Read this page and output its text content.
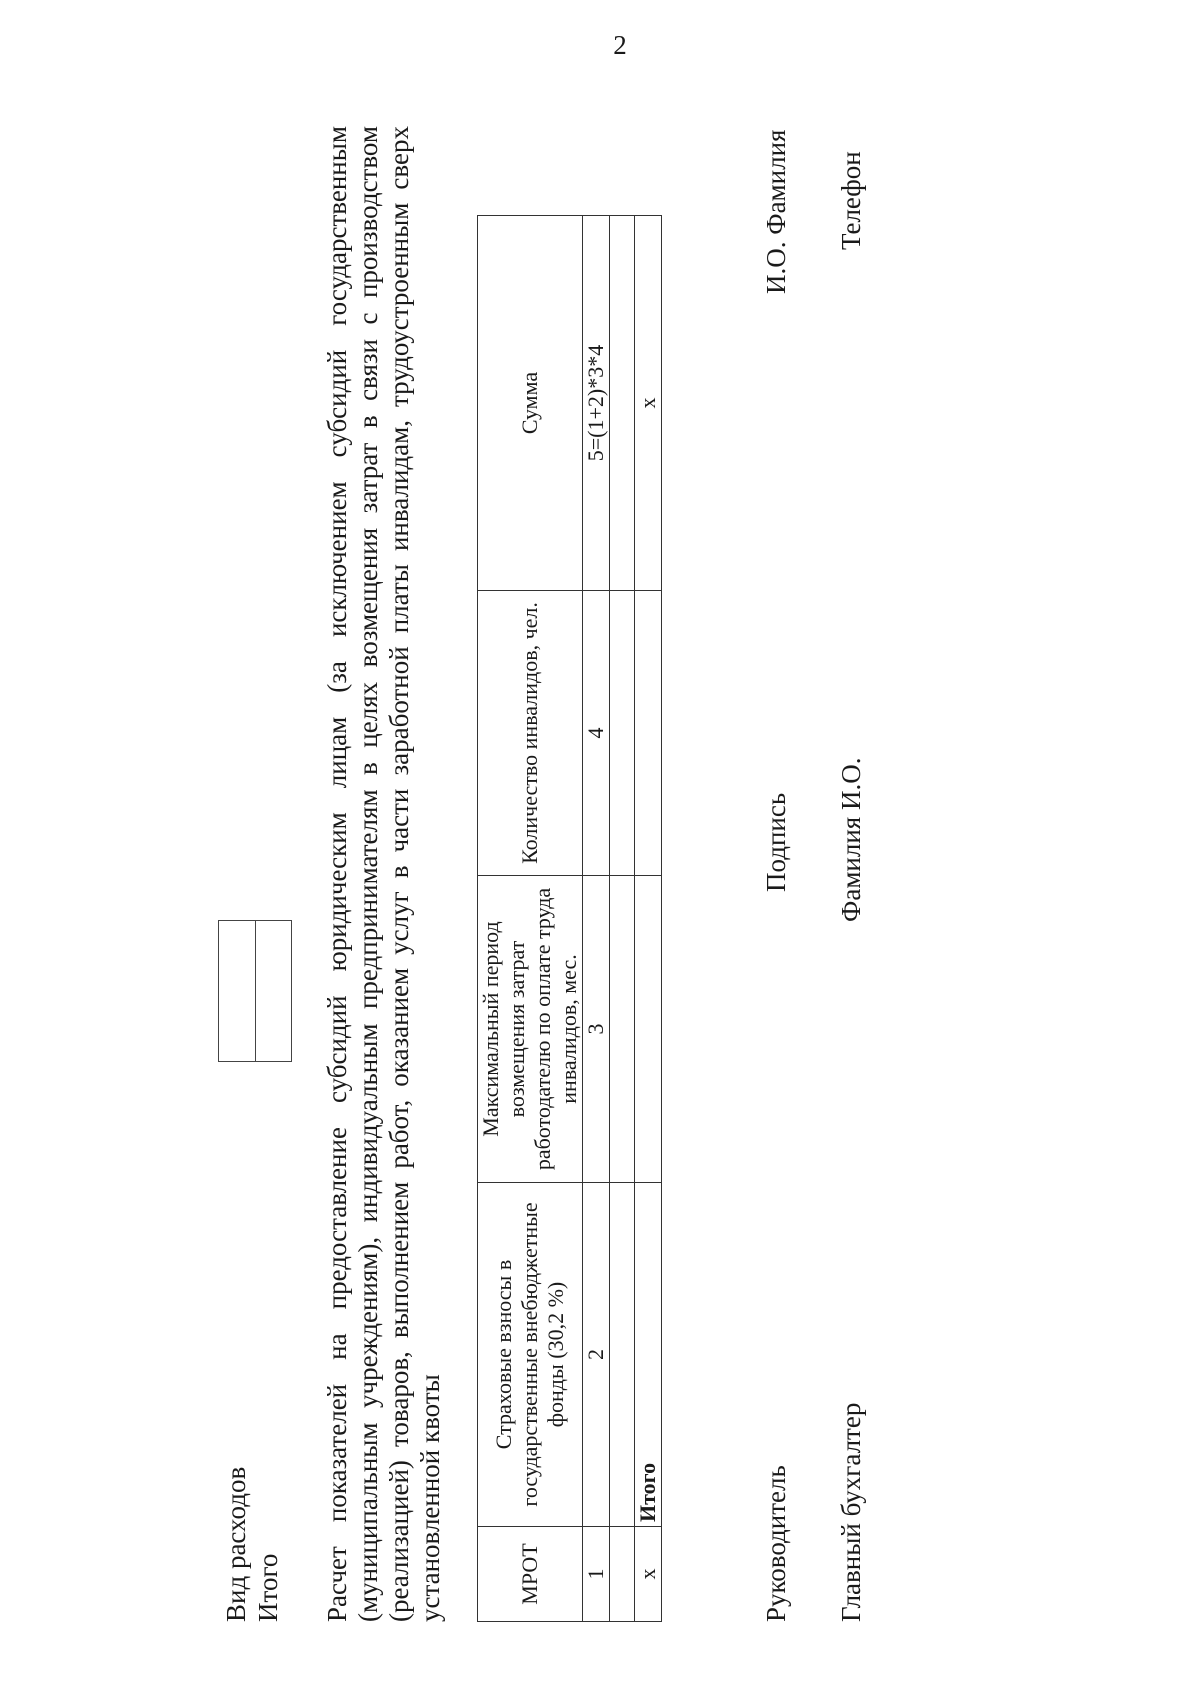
2
Вид расходов Итого Расчет показателей на предоставление субсидий юридическим лицам (за исключением субсидий государственным (муниципальным учреждениям), индивидуальным предпринимателям в целях возмещения затрат в связи с производством (реализацией) товаров, выполнением работ, оказанием услуг в части заработной платы инвалидам, трудоустроенным сверх установленной квоты	МРОТ	Страховые взносы в государственные внебюджетные фонды (30,2 %)	Максимальный период возмещения затрат работодателю по оплате труда инвалидов, мес.	Количество инвалидов, чел.	Сумма
1	2	3	4	5=(1+2)*3*4

х	Итого			х
Руководитель
Подпись
И.О. Фамилия
Главный бухгалтер
Фамилия И.О.
Телефон
